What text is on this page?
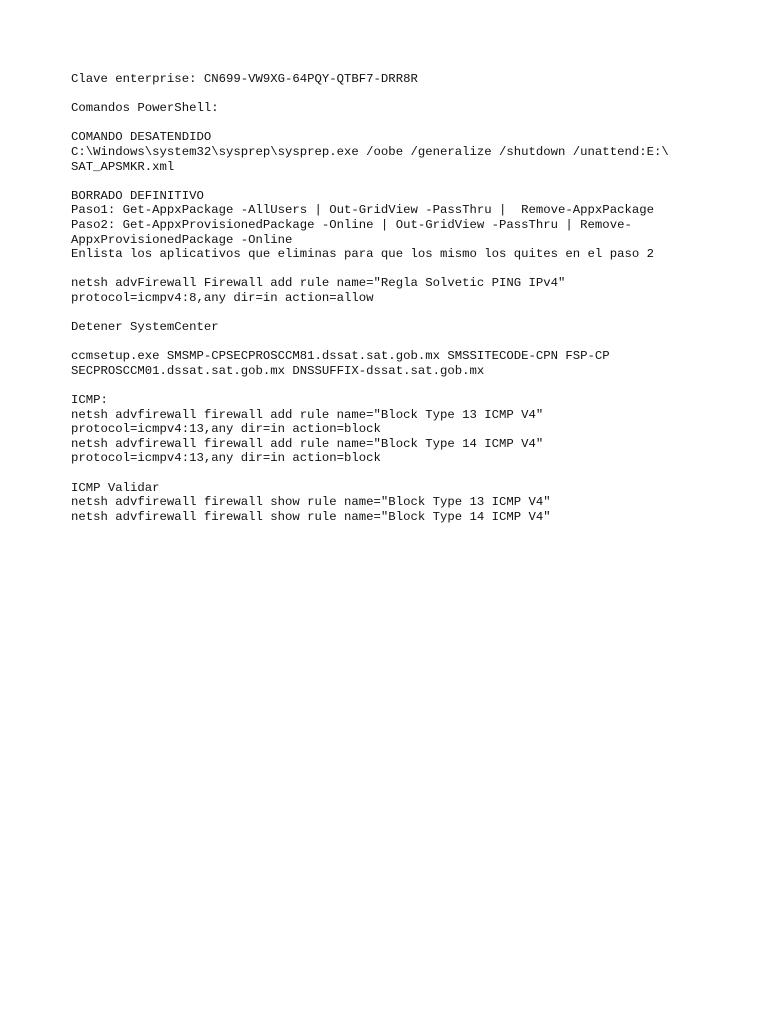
Clave enterprise: CN699-VW9XG-64PQY-QTBF7-DRR8R
Comandos PowerShell:
COMANDO DESATENDIDO
C:\Windows\system32\sysprep\sysprep.exe /oobe /generalize /shutdown /unattend:E:\
SAT_APSMKR.xml
BORRADO DEFINITIVO
Paso1: Get-AppxPackage -AllUsers | Out-GridView -PassThru |  Remove-AppxPackage
Paso2: Get-AppxProvisionedPackage -Online | Out-GridView -PassThru | Remove-
AppxProvisionedPackage -Online
Enlista los aplicativos que eliminas para que los mismo los quites en el paso 2
netsh advFirewall Firewall add rule name="Regla Solvetic PING IPv4"
protocol=icmpv4:8,any dir=in action=allow
Detener SystemCenter
ccmsetup.exe SMSMP-CPSECPROSCCM81.dssat.sat.gob.mx SMSSITECODE-CPN FSP-CP
SECPROSCCM01.dssat.sat.gob.mx DNSSUFFIX-dssat.sat.gob.mx
ICMP:
netsh advfirewall firewall add rule name="Block Type 13 ICMP V4"
protocol=icmpv4:13,any dir=in action=block
netsh advfirewall firewall add rule name="Block Type 14 ICMP V4"
protocol=icmpv4:13,any dir=in action=block
ICMP Validar
netsh advfirewall firewall show rule name="Block Type 13 ICMP V4"
netsh advfirewall firewall show rule name="Block Type 14 ICMP V4"
